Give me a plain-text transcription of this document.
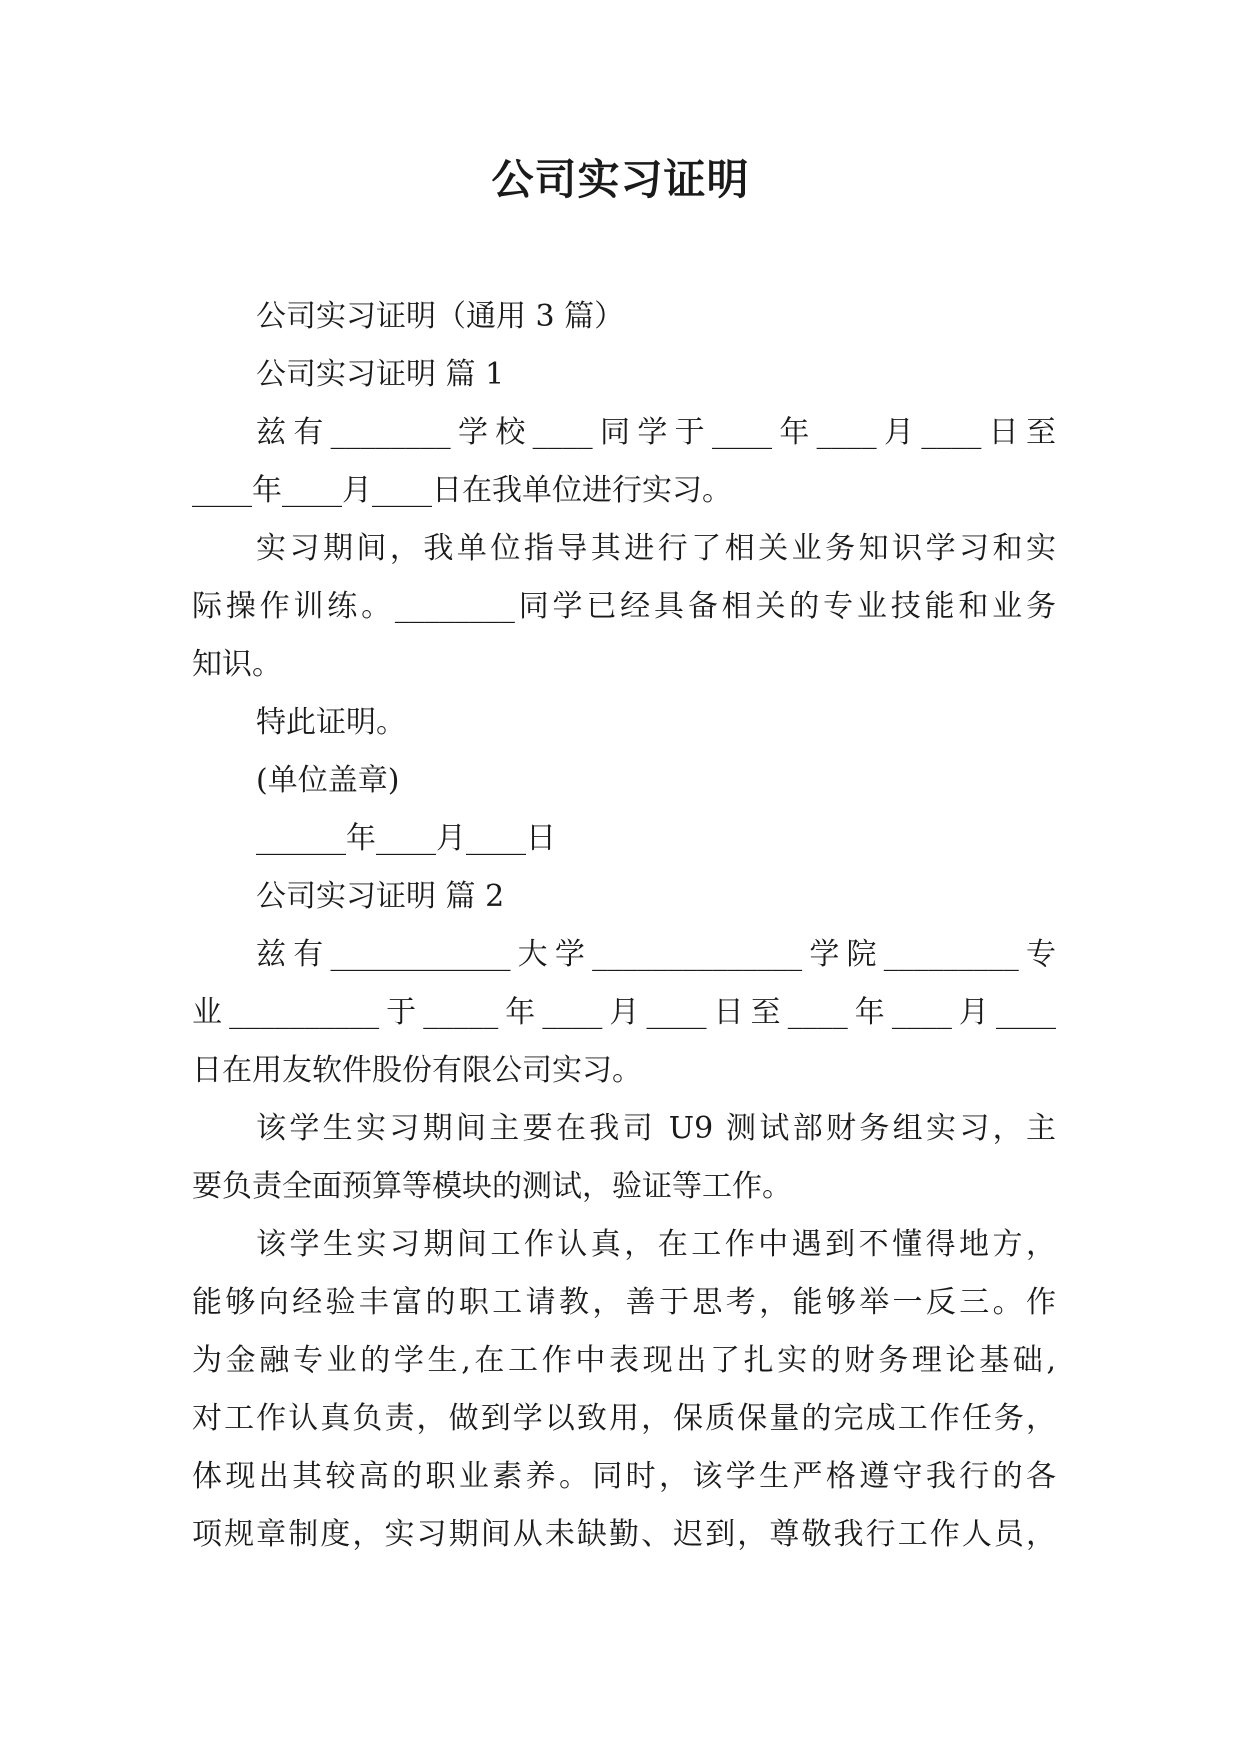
公司实习证明
公司实习证明（通用 3 篇）
公司实习证明 篇 1
兹有________学校____同学于____年____月____日至
____年____月____日在我单位进行实习。
实习期间，我单位指导其进行了相关业务知识学习和实
际操作训练。________同学已经具备相关的专业技能和业务
知识。
特此证明。
(单位盖章)
______年____月____日
公司实习证明 篇 2
兹有____________大学______________学院_________专
业__________于_____年____月____日至____年____月____
日在用友软件股份有限公司实习。
该学生实习期间主要在我司 U9 测试部财务组实习，主
要负责全面预算等模块的测试，验证等工作。
该学生实习期间工作认真，在工作中遇到不懂得地方，
能够向经验丰富的职工请教，善于思考，能够举一反三。作
为金融专业的学生,在工作中表现出了扎实的财务理论基础,
对工作认真负责，做到学以致用，保质保量的完成工作任务，
体现出其较高的职业素养。同时，该学生严格遵守我行的各
项规章制度，实习期间从未缺勤、迟到，尊敬我行工作人员，
